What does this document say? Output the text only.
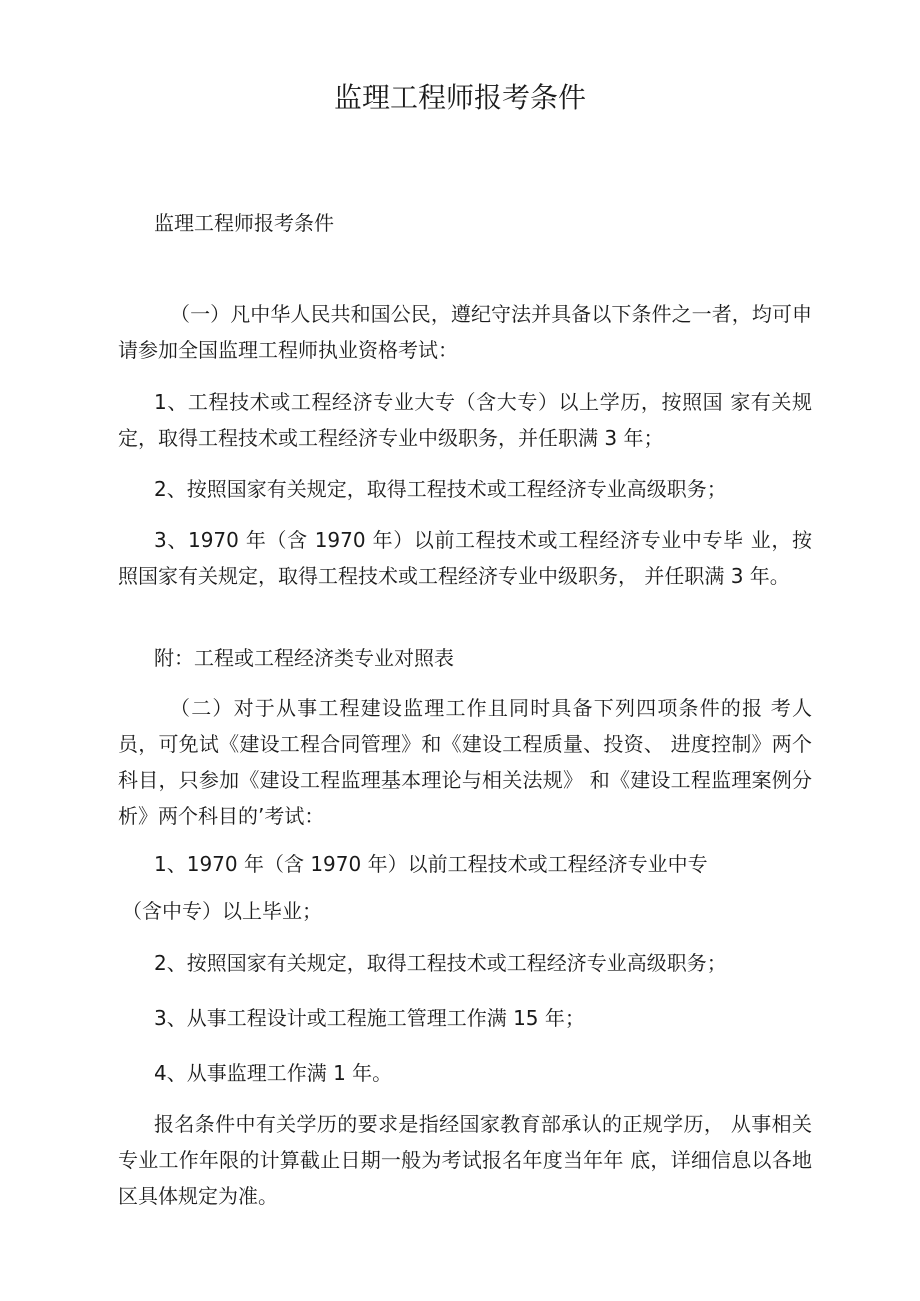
监理工程师报考条件

监理工程师报考条件

（一）凡中华人民共和国公民，遵纪守法并具备以下条件之一者，均可申请参加全国监理工程师执业资格考试：

1、工程技术或工程经济专业大专（含大专）以上学历，按照国 家有关规定，取得工程技术或工程经济专业中级职务，并任职满 3 年；

2、按照国家有关规定，取得工程技术或工程经济专业高级职务；

3、1970 年（含 1970 年）以前工程技术或工程经济专业中专毕 业，按照国家有关规定，取得工程技术或工程经济专业中级职务， 并任职满 3 年。

附：工程或工程经济类专业对照表

（二）对于从事工程建设监理工作且同时具备下列四项条件的报 考人员，可免试《建设工程合同管理》和《建设工程质量、投资、 进度控制》两个科目，只参加《建设工程监理基本理论与相关法规》 和《建设工程监理案例分析》两个科目的’考试：

1、1970 年（含 1970 年）以前工程技术或工程经济专业中专

（含中专）以上毕业；

2、按照国家有关规定，取得工程技术或工程经济专业高级职务；

3、从事工程设计或工程施工管理工作满 15 年；

4、从事监理工作满 1 年。

报名条件中有关学历的要求是指经国家教育部承认的正规学历， 从事相关专业工作年限的计算截止日期一般为考试报名年度当年年 底，详细信息以各地区具体规定为准。
